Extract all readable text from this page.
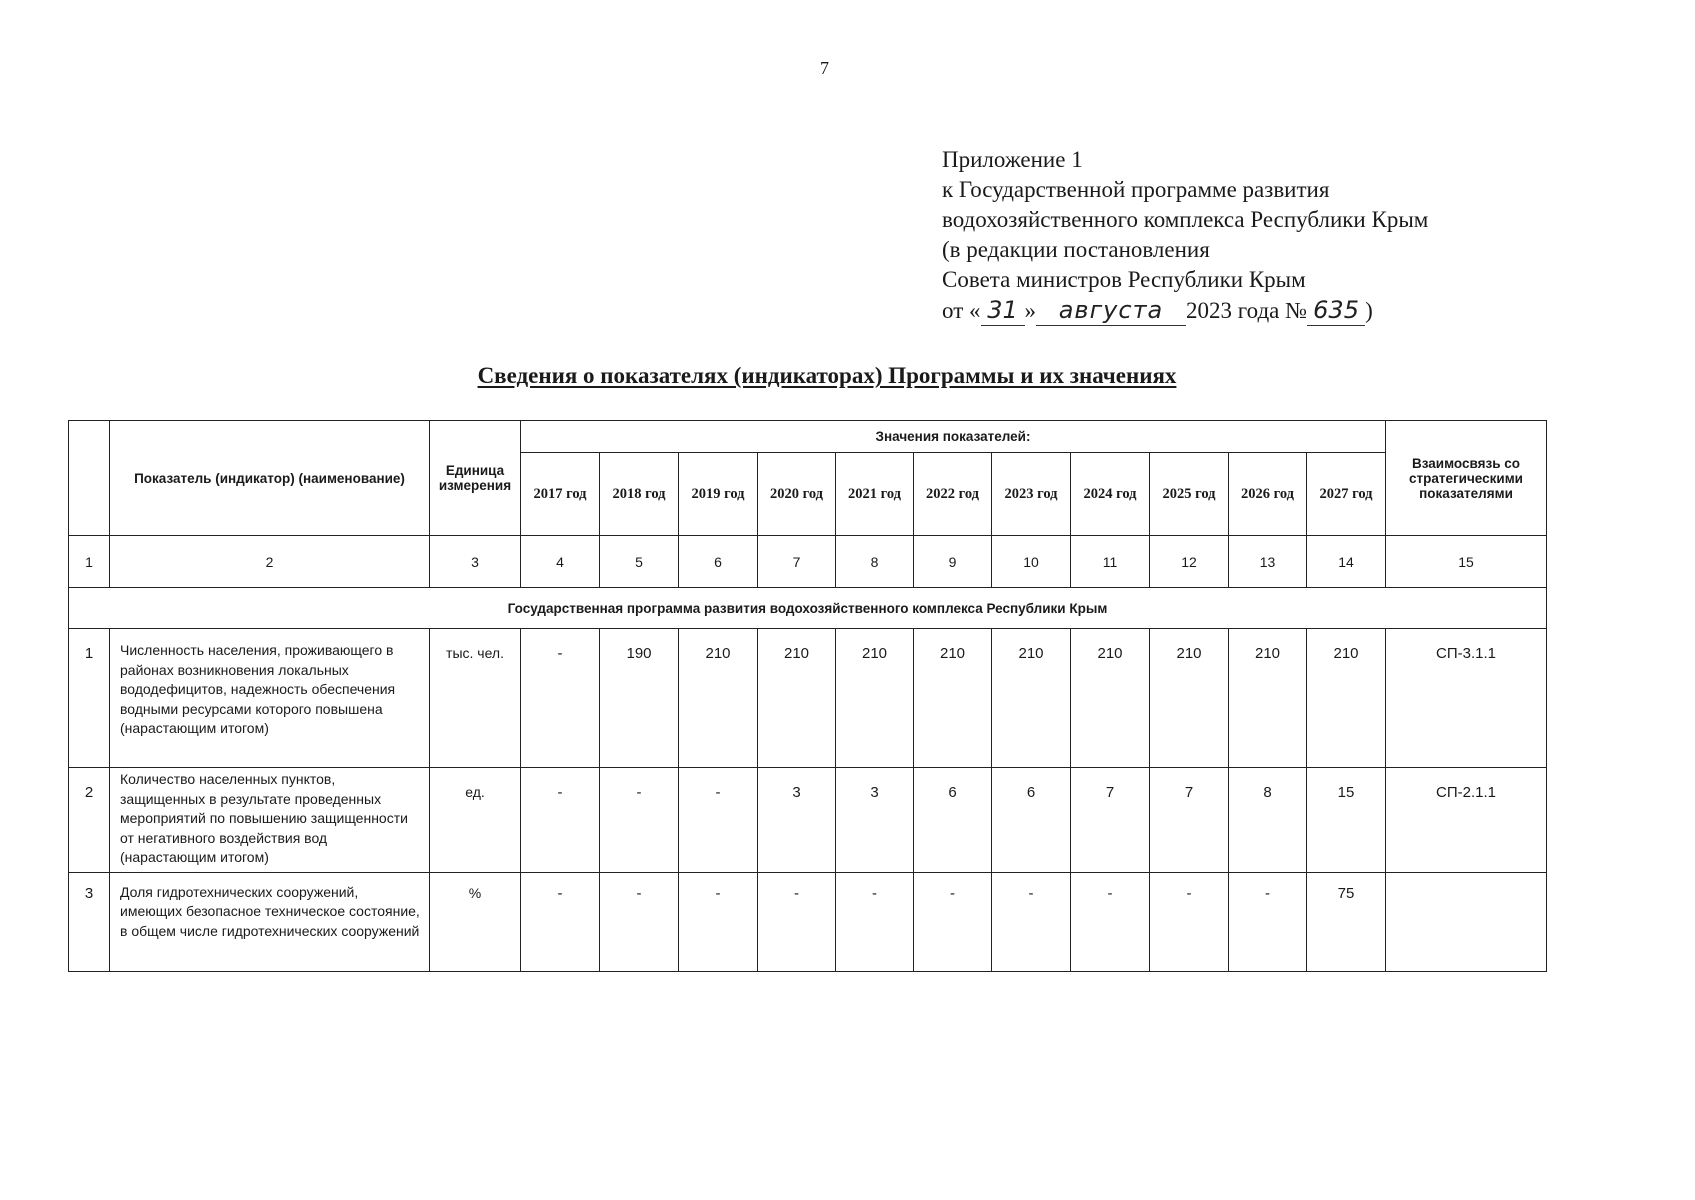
7
Приложение 1
к Государственной программе развития
водохозяйственного комплекса Республики Крым
(в редакции постановления
Совета министров Республики Крым
от « 31 » августа 2023 года № 635 )
Сведения о показателях (индикаторах) Программы и их значениях
	Показатель (индикатор) (наименование)	Единица измерения	Значения показателей:											Взаимосвязь со стратегическими показателями
			2017 год	2018 год	2019 год	2020 год	2021 год	2022 год	2023 год	2024 год	2025 год	2026 год	2027 год	
1	2	3	4	5	6	7	8	9	10	11	12	13	14	15
Государственная программа развития водохозяйственного комплекса Республики Крым														
1	Численность населения, проживающего в районах возникновения локальных вододефицитов, надежность обеспечения водными ресурсами которого повышена (нарастающим итогом)	тыс. чел.	-	190	210	210	210	210	210	210	210	210	210	СП-3.1.1
2	Количество населенных пунктов, защищенных в результате проведенных мероприятий по повышению защищенности от негативного воздействия вод (нарастающим итогом)	ед.	-	-	-	3	3	6	6	7	7	8	15	СП-2.1.1
3	Доля гидротехнических сооружений, имеющих безопасное техническое состояние, в общем числе гидротехнических сооружений	%	-	-	-	-	-	-	-	-	-	-	75	
